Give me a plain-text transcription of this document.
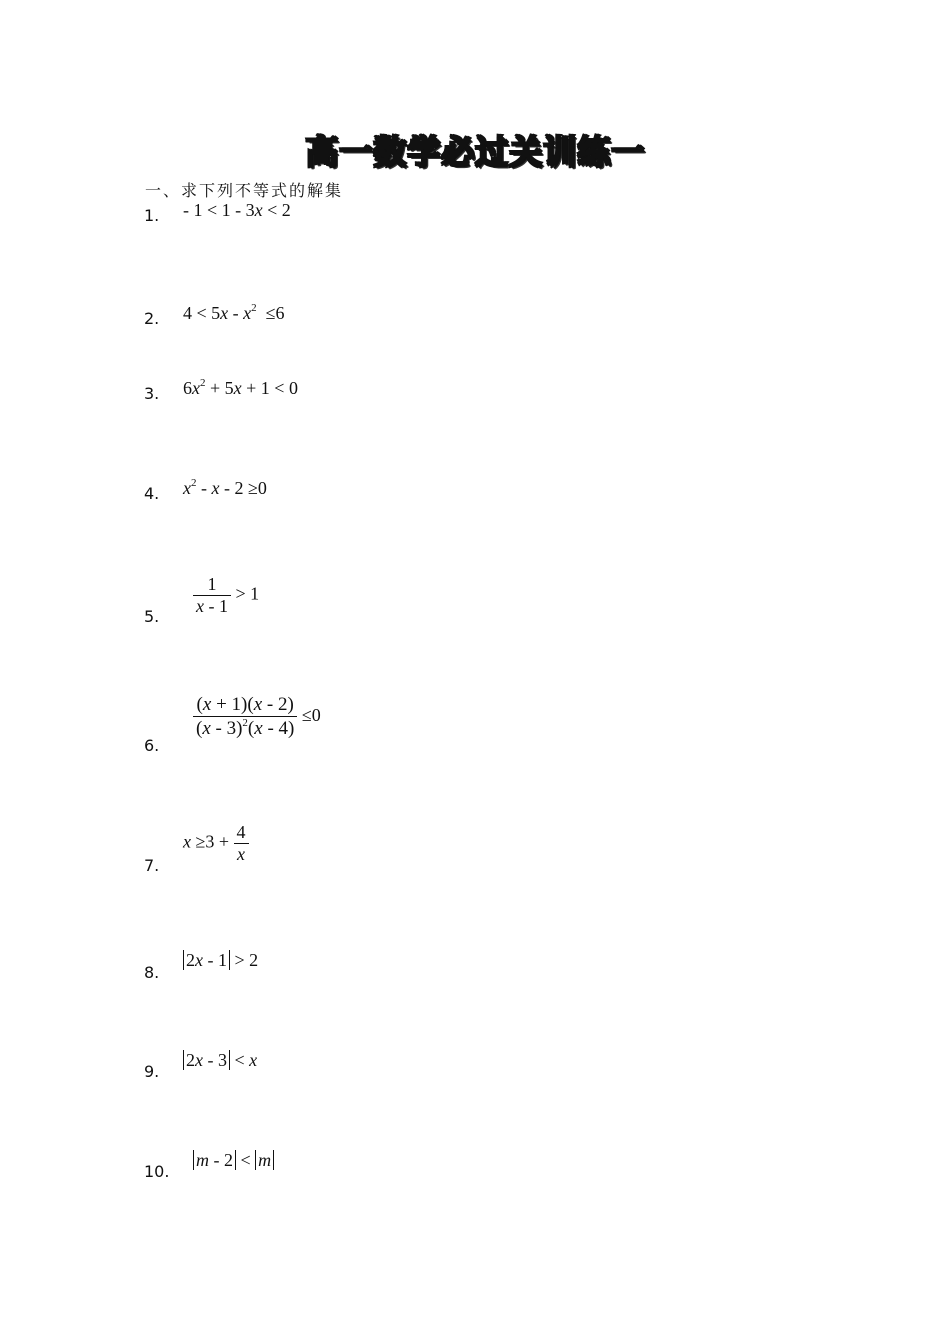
高一数学必过关训练一
一、求下列不等式的解集
1. - 1 < 1 - 3x < 2
2. $4 < 5x - x^2 \le 6$
3. $6x^2 + 5x + 1 < 0$
4. $x^2 - x - 2 \ge 0$
5. $\frac{1}{x - 1} > 1$
6.
$\frac{(x + 1)(x - 2)}{(x - 3)^2(x - 4)} \le 0$
7.
$x \ge 3 + \frac{4}{x}$
8.
2x - 1 > 2
9.
2x - 3 < x
10.
m - 2 < m
